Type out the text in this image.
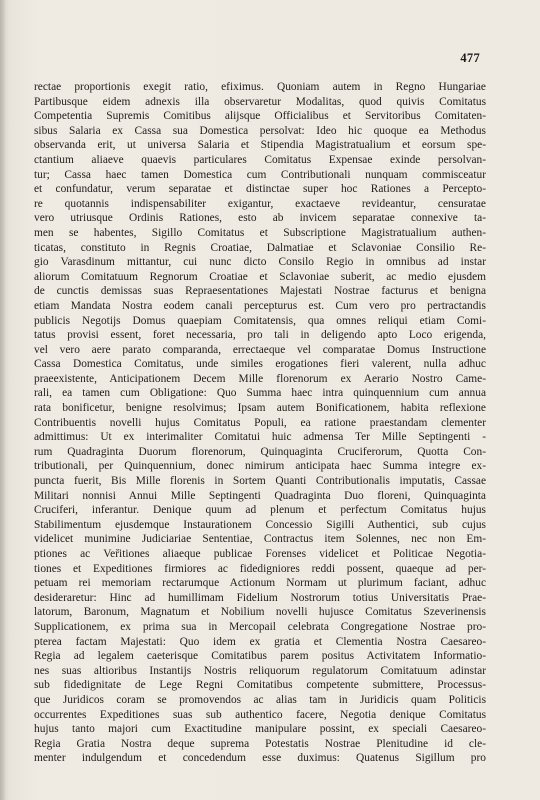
477
rectae proportionis exegit ratio, efiximus. Quoniam autem in Regno Hungariae
Partibusque eidem adnexis illa observaretur Modalitas, quod quivis Comitatus
Competentia Supremis Comitibus alijsque Officialibus et Servitoribus Comitaten-
sibus Salaria ex Cassa sua Domestica persolvat: Ideo hic quoque ea Methodus
observanda erit, ut universa Salaria et Stipendia Magistratualium et eorsum spe-
ctantium aliaeve quaevis particulares Comitatus Expensae exinde persolvan-
tur; Cassa haec tamen Domestica cum Contributionali nunquam commisceatur
et confundatur, verum separatae et distinctae super hoc Rationes a Percepto-
re quotannis indispensabiliter exigantur, exactaeve revideantur, censuratae
vero utriusque Ordinis Rationes, esto ab invicem separatae connexive ta-
men se habentes, Sigillo Comitatus et Subscriptione Magistratualium authen-
ticatas, constituto in Regnis Croatiae, Dalmatiae et Sclavoniae Consilio Re-
gio Varasdinum mittantur, cui nunc dicto Consilo Regio in omnibus ad instar
aliorum Comitatuum Regnorum Croatiae et Sclavoniae suberit, ac medio ejusdem
de cunctis demissas suas Repraesentationes Majestati Nostrae facturus et benigna
etiam Mandata Nostra eodem canali percepturus est. Cum vero pro pertractandis
publicis Negotijs Domus quaepiam Comitatensis, qua omnes reliqui etiam Comi-
tatus provisi essent, foret necessaria, pro tali in deligendo apto Loco erigenda,
vel vero aere parato comparanda, errectaeque vel comparatae Domus Instructione
Cassa Domestica Comitatus, unde similes erogationes fieri valerent, nulla adhuc
praeexistente, Anticipationem Decem Mille florenorum ex Aerario Nostro Came-
rali, ea tamen cum Obligatione: Quo Summa haec intra quinquennium cum annua
rata bonificetur, benigne resolvimus; Ipsam autem Bonificationem, habita reflexione
Contribuentis novelli hujus Comitatus Populi, ea ratione praestandam clementer
admittimus: Ut ex interimaliter Comitatui huic admensa Ter Mille Septingenti -
rum Quadraginta Duorum florenorum, Quinquaginta Cruciferorum, Quotta Con-
tributionali, per Quinquennium, donec nimirum anticipata haec Summa integre ex-
puncta fuerit, Bis Mille florenis in Sortem Quanti Contributionalis imputatis, Cassae
Militari nonnisi Annui Mille Septingenti Quadraginta Duo floreni, Quinquaginta
Cruciferi, inferantur. Denique quum ad plenum et perfectum Comitatus hujus
Stabilimentum ejusdemque Instaurationem Concessio Sigilli Authentici, sub cujus
videlicet munimine Judiciariae Sententiae, Contractus item Solennes, nec non Em-
ptiones ac Ver̆itiones aliaeque publicae Forenses videlicet et Politicae Negotia-
tiones et Expeditiones firmiores ac fidedigniores reddi possent, quaeque ad per-
petuam rei memoriam rectarumque Actionum Normam ut plurimum faciant, adhuc
desideraretur: Hinc ad humillimam Fidelium Nostrorum totius Universitatis Prae-
latorum, Baronum, Magnatum et Nobilium novelli hujusce Comitatus Szeverinensis
Supplicationem, ex prima sua in Mercopail celebrata Congregatione Nostrae pro-
pterea factam Majestati: Quo idem ex gratia et Clementia Nostra Caesareo-
Regia ad legalem caeterisque Comitatibus parem positus Activitatem Informatio-
nes suas altioribus Instantijs Nostris reliquorum regulatorum Comitatuum adinstar
sub fidedignitate de Lege Regni Comitatibus competente submittere, Processus-
que Juridicos coram se promovendos ac alias tam in Juridicis quam Politicis
occurrentes Expeditiones suas sub authentico facere, Negotia denique Comitatus
hujus tanto majori cum Exactitudine manipulare possint, ex speciali Caesareo-
Regia Gratia Nostra deque suprema Potestatis Nostrae Plenitudine id cle-
menter indulgendum et concedendum esse duximus: Quatenus Sigillum pro
